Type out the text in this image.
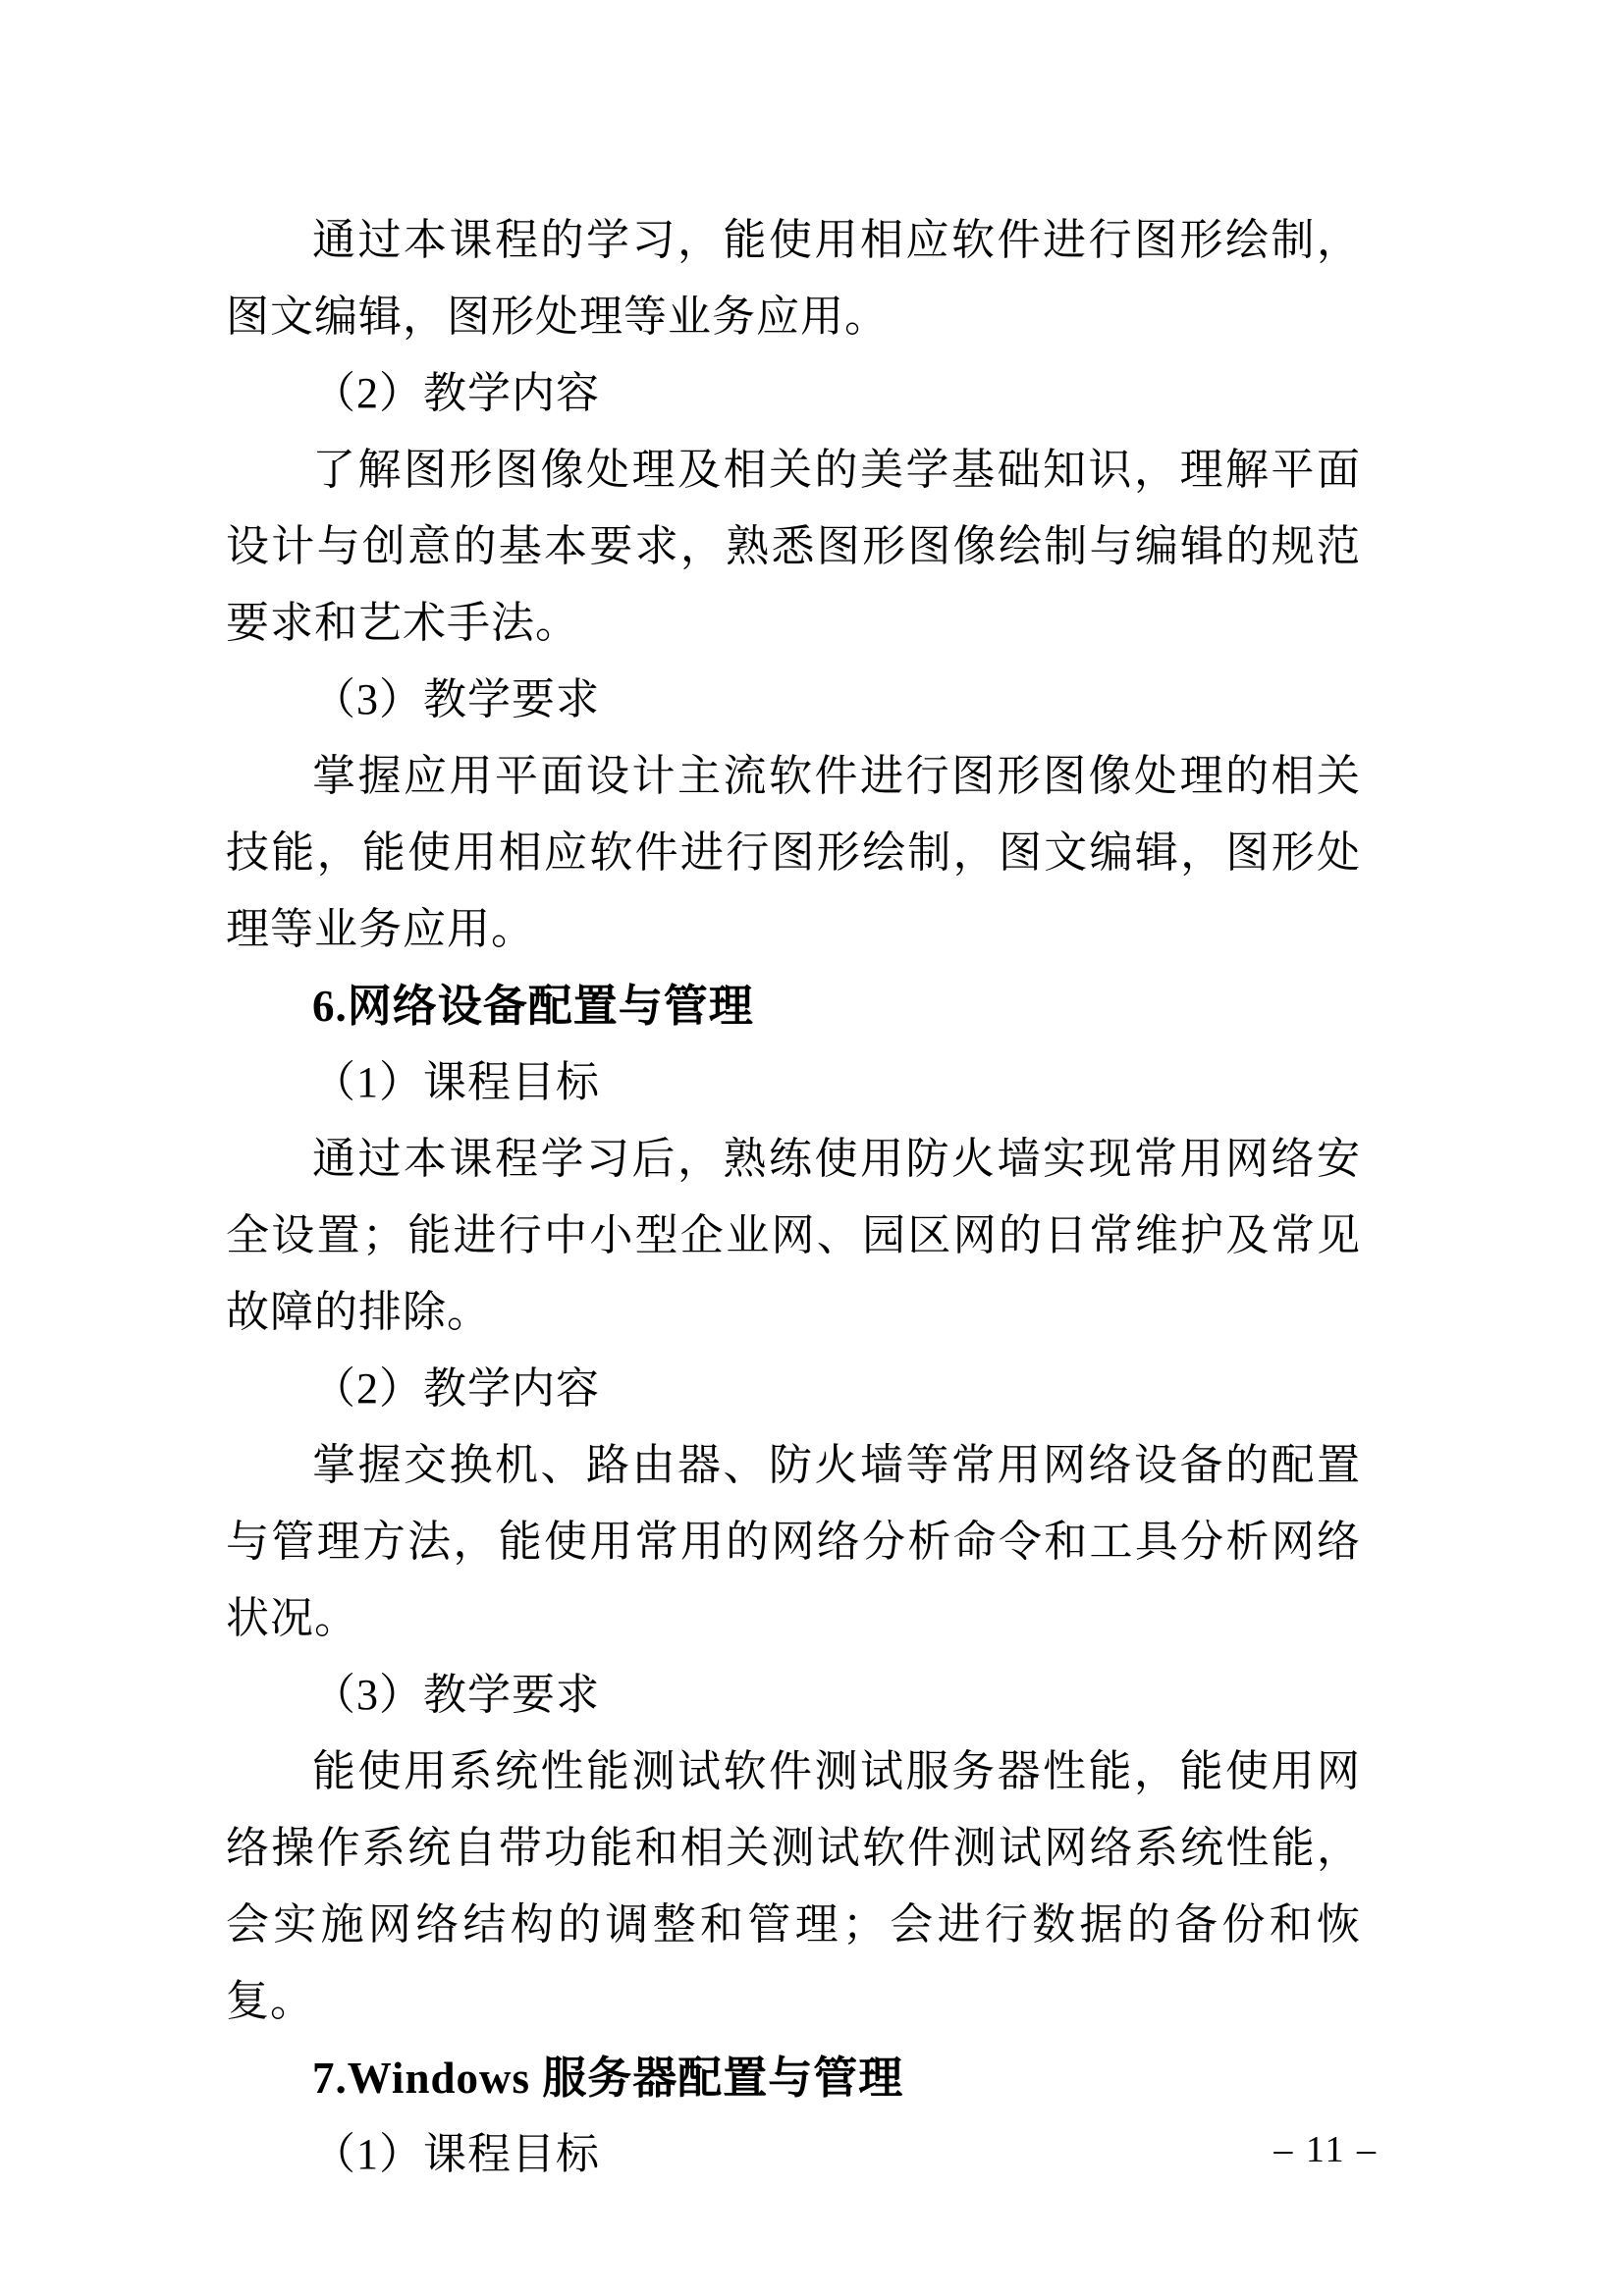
通过本课程的学习，能使用相应软件进行图形绘制，图文编辑，图形处理等业务应用。

（2）教学内容

了解图形图像处理及相关的美学基础知识，理解平面设计与创意的基本要求，熟悉图形图像绘制与编辑的规范要求和艺术手法。

（3）教学要求

掌握应用平面设计主流软件进行图形图像处理的相关技能，能使用相应软件进行图形绘制，图文编辑，图形处理等业务应用。

6.网络设备配置与管理

（1）课程目标

通过本课程学习后，熟练使用防火墙实现常用网络安全设置；能进行中小型企业网、园区网的日常维护及常见故障的排除。

（2）教学内容

掌握交换机、路由器、防火墙等常用网络设备的配置与管理方法，能使用常用的网络分析命令和工具分析网络状况。

（3）教学要求

能使用系统性能测试软件测试服务器性能，能使用网络操作系统自带功能和相关测试软件测试网络系统性能，会实施网络结构的调整和管理；会进行数据的备份和恢复。

7.Windows 服务器配置与管理

（1）课程目标	– 11 –
